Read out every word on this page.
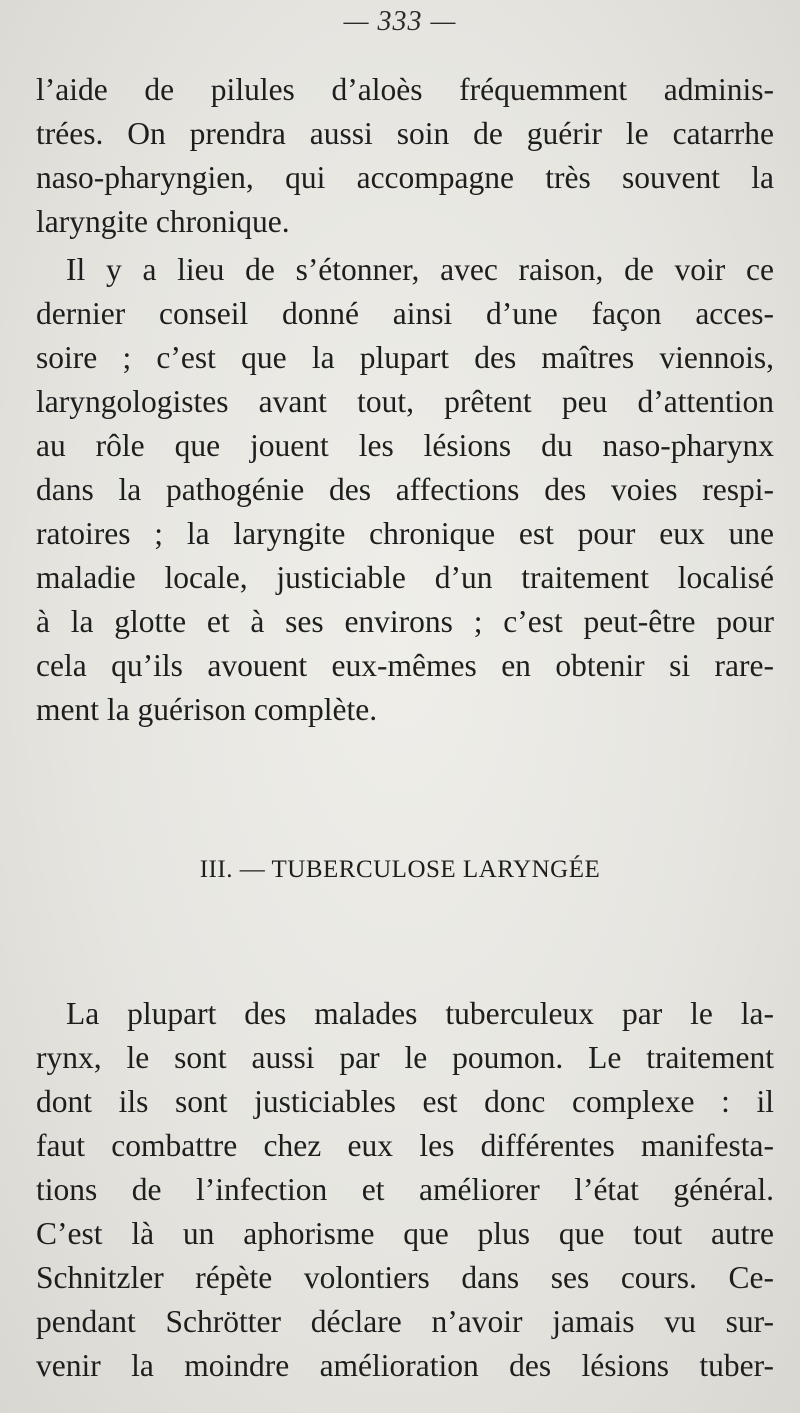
— 333 —
l’aide de pilules d’aloès fréquemment adminis-
trées. On prendra aussi soin de guérir le catarrhe
naso-pharyngien, qui accompagne très souvent la
laryngite chronique.
Il y a lieu de s’étonner, avec raison, de voir ce
dernier conseil donné ainsi d’une façon acces-
soire ; c’est que la plupart des maîtres viennois,
laryngologistes avant tout, prêtent peu d’attention
au rôle que jouent les lésions du naso-pharynx
dans la pathogénie des affections des voies respi-
ratoires ; la laryngite chronique est pour eux une
maladie locale, justiciable d’un traitement localisé
à la glotte et à ses environs ; c’est peut-être pour
cela qu’ils avouent eux-mêmes en obtenir si rare-
ment la guérison complète.
III. — TUBERCULOSE LARYNGÉE
La plupart des malades tuberculeux par le la-
rynx, le sont aussi par le poumon. Le traitement
dont ils sont justiciables est donc complexe : il
faut combattre chez eux les différentes manifesta-
tions de l’infection et améliorer l’état général.
C’est là un aphorisme que plus que tout autre
Schnitzler répète volontiers dans ses cours. Ce-
pendant Schrötter déclare n’avoir jamais vu sur-
venir la moindre amélioration des lésions tuber-
